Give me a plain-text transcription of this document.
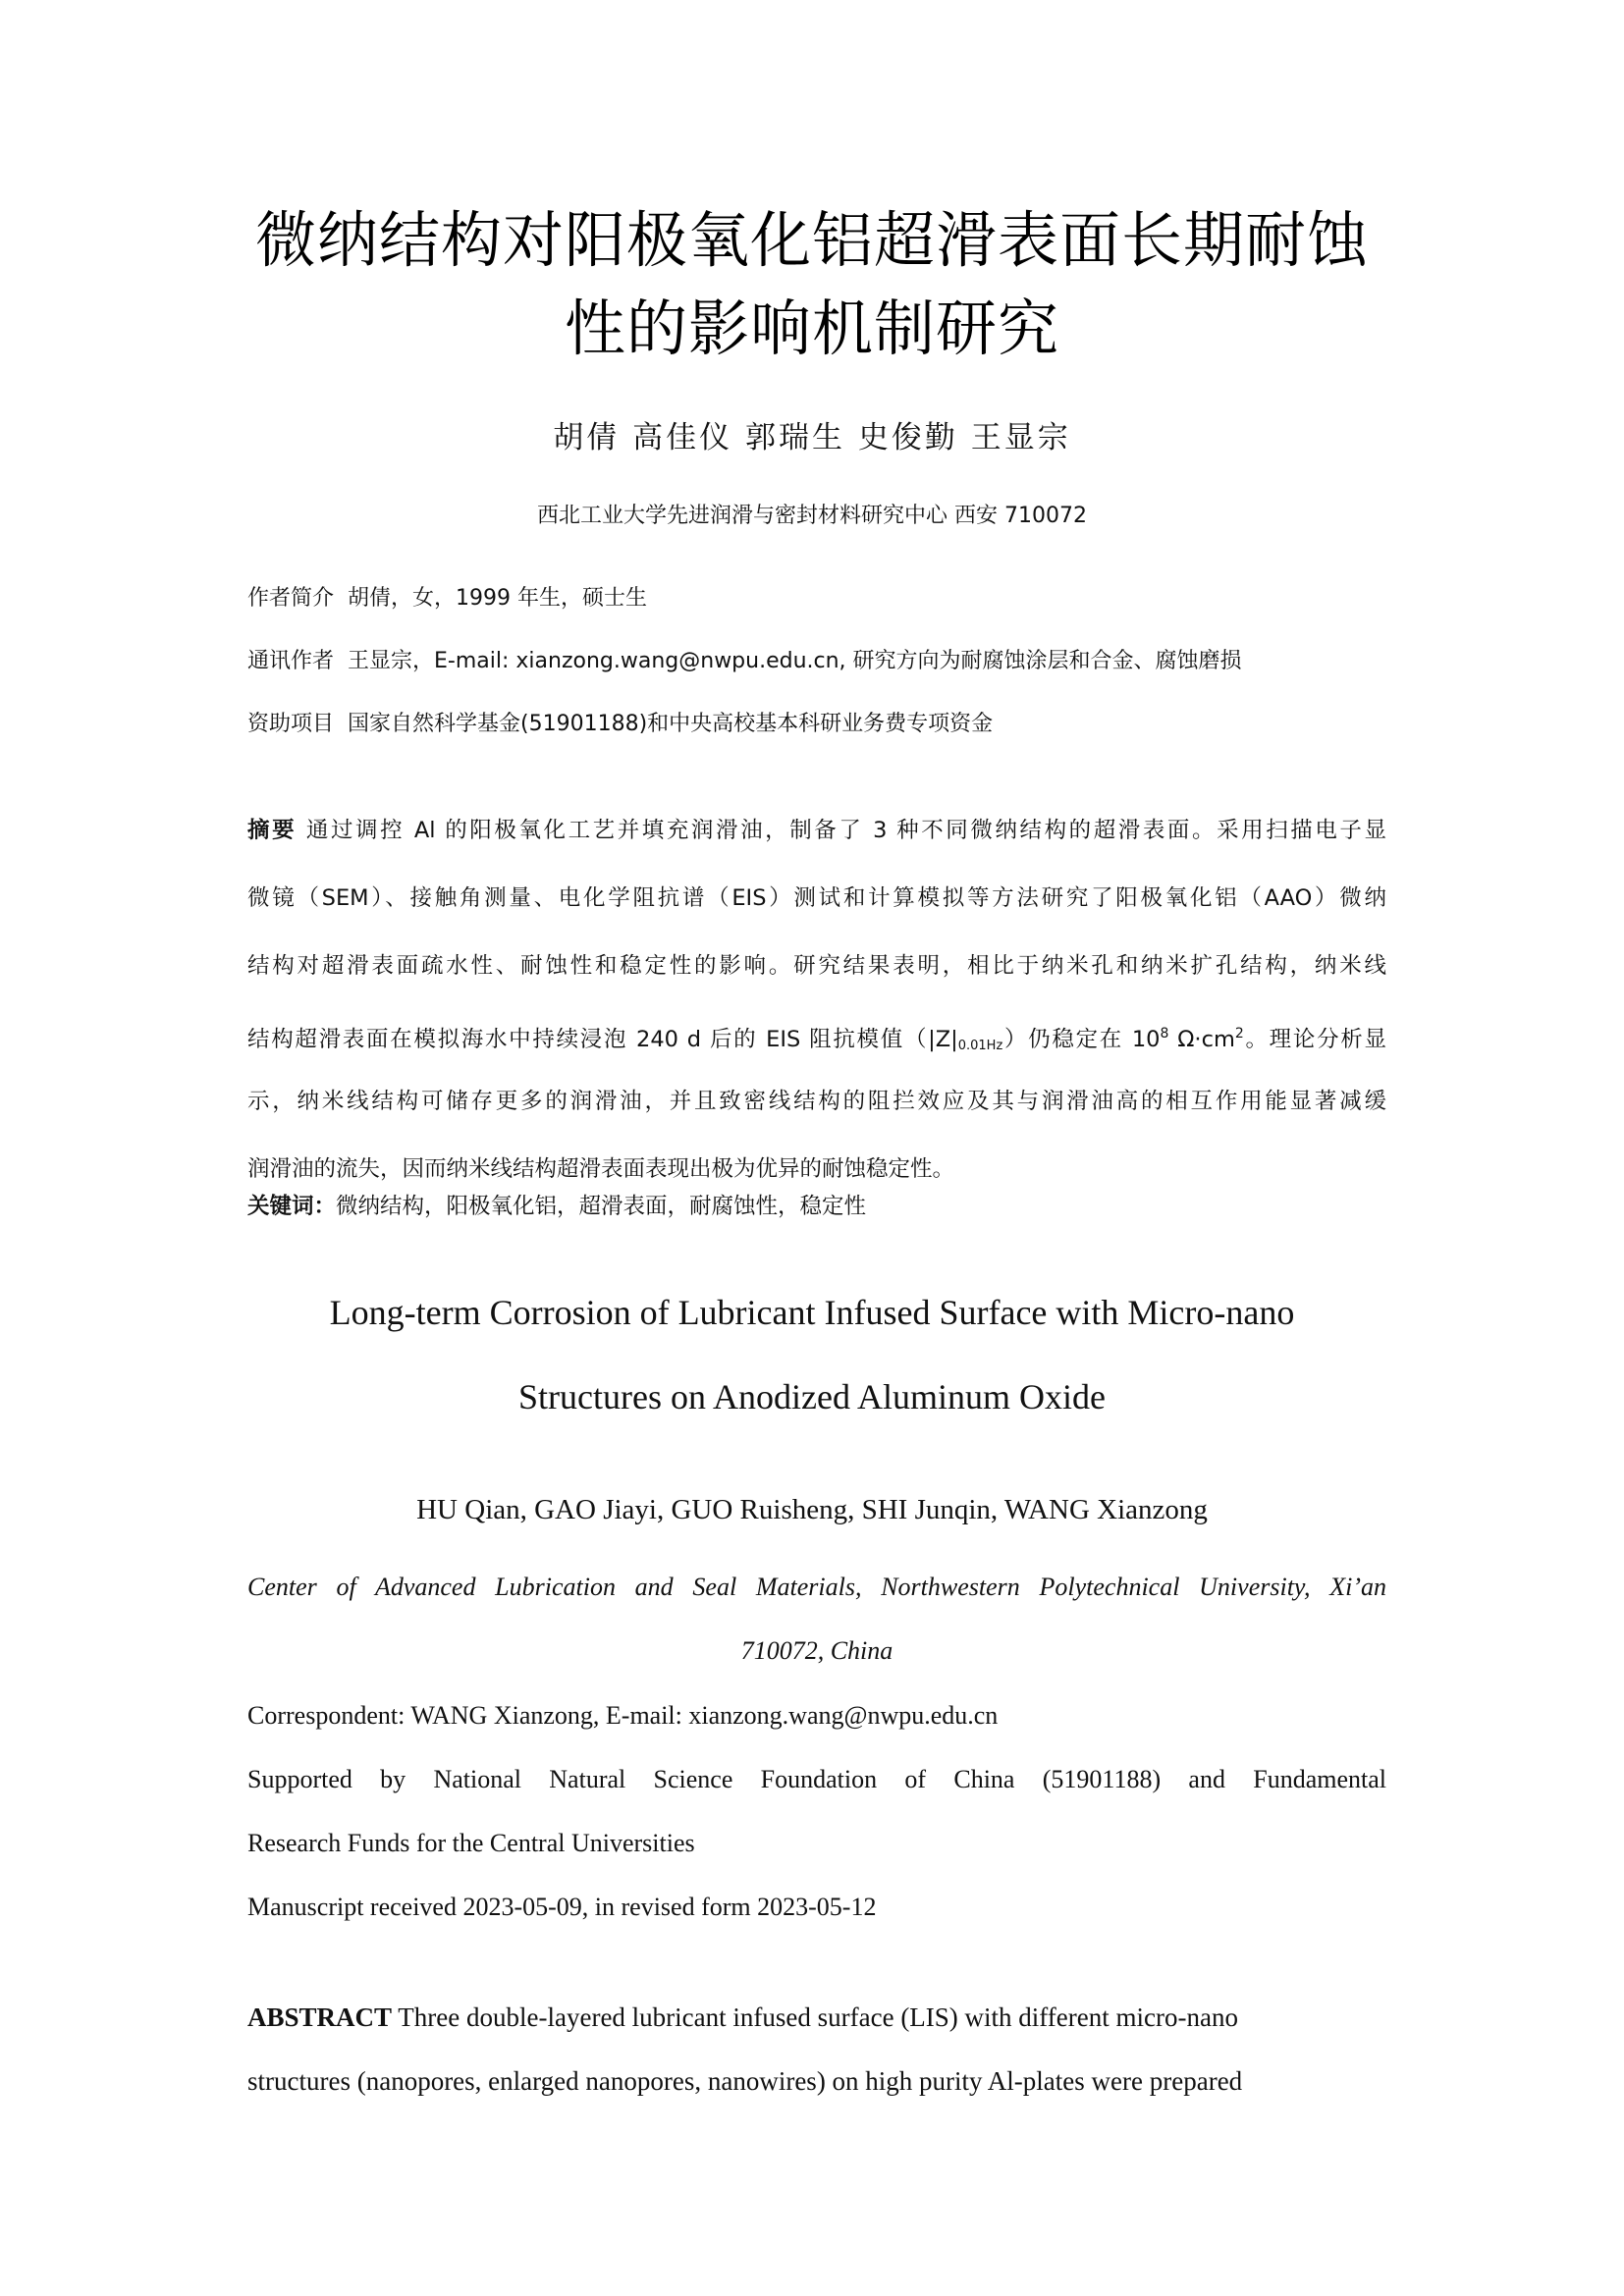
微纳结构对阳极氧化铝超滑表面长期耐蚀
性的影响机制研究
胡倩 高佳仪 郭瑞生 史俊勤 王显宗
西北工业大学先进润滑与密封材料研究中心 西安 710072
作者简介 胡倩，女，1999 年生，硕士生
通讯作者 王显宗，E-mail: xianzong.wang@nwpu.edu.cn, 研究方向为耐腐蚀涂层和合金、腐蚀磨损
资助项目 国家自然科学基金(51901188)和中央高校基本科研业务费专项资金
摘要 通过调控 Al 的阳极氧化工艺并填充润滑油，制备了 3 种不同微纳结构的超滑表面。采用扫描电子显
微镜（SEM）、接触角测量、电化学阻抗谱（EIS）测试和计算模拟等方法研究了阳极氧化铝（AAO）微纳
结构对超滑表面疏水性、耐蚀性和稳定性的影响。研究结果表明，相比于纳米孔和纳米扩孔结构，纳米线
结构超滑表面在模拟海水中持续浸泡 240 d 后的 EIS 阻抗模值$(|Z|_{0.01Hz})$仍稳定在 $10^8$ $\Omega\cdot cm^2$。理论分析显
示，纳米线结构可储存更多的润滑油，并且致密线结构的阻拦效应及其与润滑油高的相互作用能显著减缓
润滑油的流失，因而纳米线结构超滑表面表现出极为优异的耐蚀稳定性。
关键词：微纳结构，阳极氧化铝，超滑表面，耐腐蚀性，稳定性
Long-term Corrosion of Lubricant Infused Surface with Micro-nano
Structures on Anodized Aluminum Oxide
HU Qian, GAO Jiayi, GUO Ruisheng, SHI Junqin, WANG Xianzong
Center of Advanced Lubrication and Seal Materials, Northwestern Polytechnical University, Xi’an
710072, China
Correspondent: WANG Xianzong, E-mail: xianzong.wang@nwpu.edu.cn
Supported by National Natural Science Foundation of China (51901188) and Fundamental
Research Funds for the Central Universities
Manuscript received 2023-05-09, in revised form 2023-05-12
ABSTRACT Three double-layered lubricant infused surface (LIS) with different micro-nano
structures (nanopores, enlarged nanopores, nanowires) on high purity Al-plates were prepared
